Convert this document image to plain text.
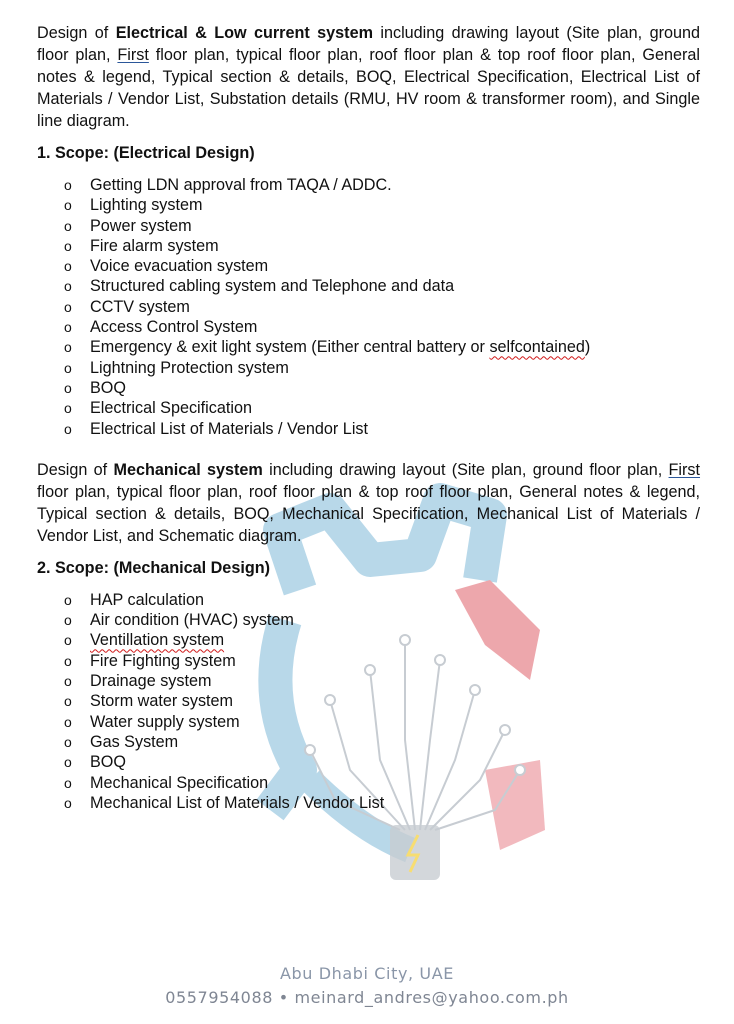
Design of Electrical & Low current system including drawing layout (Site plan, ground floor plan, First floor plan, typical floor plan, roof floor plan & top roof floor plan, General notes & legend, Typical section & details, BOQ, Electrical Specification, Electrical List of Materials / Vendor List, Substation details (RMU, HV room & transformer room), and Single line diagram.

1. Scope: (Electrical Design)
o Getting LDN approval from TAQA / ADDC.
o Lighting system
o Power system
o Fire alarm system
o Voice evacuation system
o Structured cabling system and Telephone and data
o CCTV system
o Access Control System
o Emergency & exit light system (Either central battery or selfcontained)
o Lightning Protection system
o BOQ
o Electrical Specification
o Electrical List of Materials / Vendor List

Design of Mechanical system including drawing layout (Site plan, ground floor plan, First floor plan, typical floor plan, roof floor plan & top roof floor plan, General notes & legend, Typical section & details, BOQ, Mechanical Specification, Mechanical List of Materials / Vendor List, and Schematic diagram.

2. Scope: (Mechanical Design)
o HAP calculation
o Air condition (HVAC) system
o Ventillation system
o Fire Fighting system
o Drainage system
o Storm water system
o Water supply system
o Gas System
o BOQ
o Mechanical Specification
o Mechanical List of Materials / Vendor List
Abu Dhabi City, UAE
0557954088 • meinard_andres@yahoo.com.ph
